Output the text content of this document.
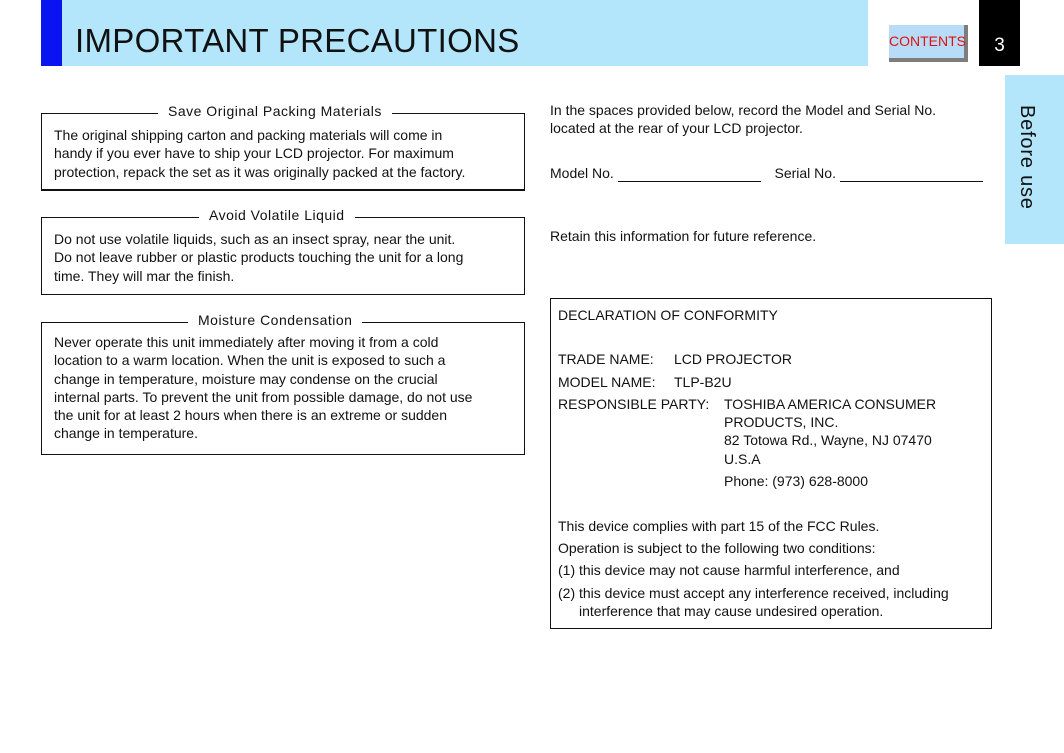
IMPORTANT PRECAUTIONS	CONTENTS	3
Before use
Save Original Packing Materials
The original shipping carton and packing materials will come in
handy if you ever have to ship your LCD projector. For maximum
protection, repack the set as it was originally packed at the factory.
Avoid Volatile Liquid
Do not use volatile liquids, such as an insect spray, near the unit.
Do not leave rubber or plastic products touching the unit for a long
time. They will mar the finish.
Moisture Condensation
Never operate this unit immediately after moving it from a cold
location to a warm location. When the unit is exposed to such a
change in temperature, moisture may condense on the crucial
internal parts. To prevent the unit from possible damage, do not use
the unit for at least 2 hours when there is an extreme or sudden
change in temperature.
In the spaces provided below, record the Model and Serial No.
located at the rear of your LCD projector.
Model No.	Serial No.
Retain this information for future reference.
DECLARATION OF CONFORMITY
TRADE NAME: LCD PROJECTOR
MODEL NAME: TLP-B2U
RESPONSIBLE PARTY: TOSHIBA AMERICA CONSUMER
PRODUCTS, INC.
82 Totowa Rd., Wayne, NJ 07470
U.S.A
Phone: (973) 628-8000
This device complies with part 15 of the FCC Rules.
Operation is subject to the following two conditions:
(1) this device may not cause harmful interference, and
(2) this device must accept any interference received, including
interference that may cause undesired operation.
